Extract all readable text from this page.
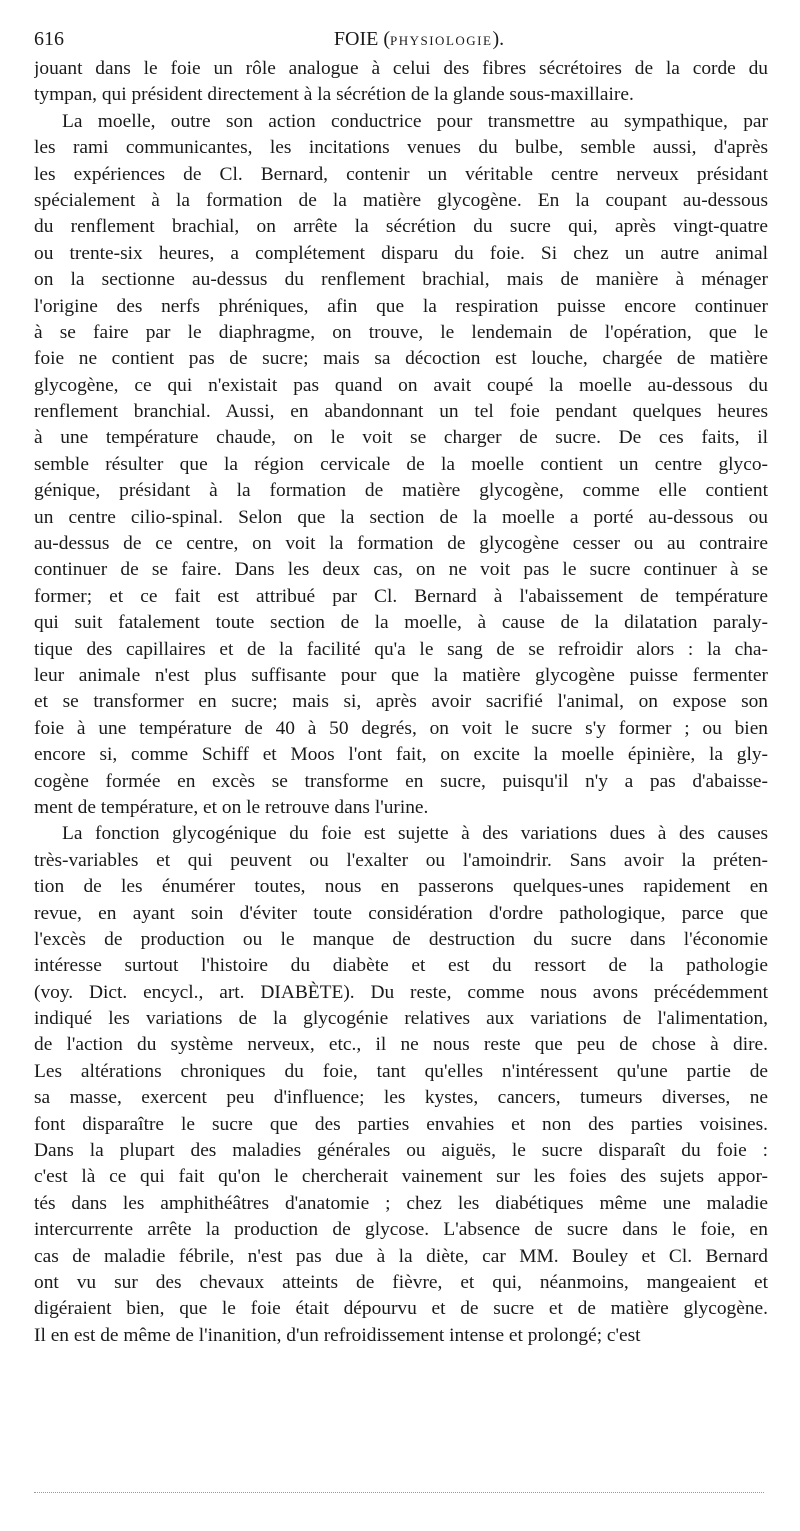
616	FOIE (PHYSIOLOGIE).
jouant dans le foie un rôle analogue à celui des fibres sécrétoires de la corde du
tympan, qui président directement à la sécrétion de la glande sous-maxillaire.
La moelle, outre son action conductrice pour transmettre au sympathique, par
les rami communicantes, les incitations venues du bulbe, semble aussi, d'après
les expériences de Cl. Bernard, contenir un véritable centre nerveux présidant
spécialement à la formation de la matière glycogène. En la coupant au-dessous
du renflement brachial, on arrête la sécrétion du sucre qui, après vingt-quatre
ou trente-six heures, a complétement disparu du foie. Si chez un autre animal
on la sectionne au-dessus du renflement brachial, mais de manière à ménager
l'origine des nerfs phréniques, afin que la respiration puisse encore continuer
à se faire par le diaphragme, on trouve, le lendemain de l'opération, que le
foie ne contient pas de sucre; mais sa décoction est louche, chargée de matière
glycogène, ce qui n'existait pas quand on avait coupé la moelle au-dessous du
renflement branchial. Aussi, en abandonnant un tel foie pendant quelques heures
à une température chaude, on le voit se charger de sucre. De ces faits, il
semble résulter que la région cervicale de la moelle contient un centre glyco-
génique, présidant à la formation de matière glycogène, comme elle contient
un centre cilio-spinal. Selon que la section de la moelle a porté au-dessous ou
au-dessus de ce centre, on voit la formation de glycogène cesser ou au contraire
continuer de se faire. Dans les deux cas, on ne voit pas le sucre continuer à se
former; et ce fait est attribué par Cl. Bernard à l'abaissement de température
qui suit fatalement toute section de la moelle, à cause de la dilatation paraly-
tique des capillaires et de la facilité qu'a le sang de se refroidir alors : la cha-
leur animale n'est plus suffisante pour que la matière glycogène puisse fermenter
et se transformer en sucre; mais si, après avoir sacrifié l'animal, on expose son
foie à une température de 40 à 50 degrés, on voit le sucre s'y former ; ou bien
encore si, comme Schiff et Moos l'ont fait, on excite la moelle épinière, la gly-
cogène formée en excès se transforme en sucre, puisqu'il n'y a pas d'abaisse-
ment de température, et on le retrouve dans l'urine.
La fonction glycogénique du foie est sujette à des variations dues à des causes
très-variables et qui peuvent ou l'exalter ou l'amoindrir. Sans avoir la préten-
tion de les énumérer toutes, nous en passerons quelques-unes rapidement en
revue, en ayant soin d'éviter toute considération d'ordre pathologique, parce que
l'excès de production ou le manque de destruction du sucre dans l'économie
intéresse surtout l'histoire du diabète et est du ressort de la pathologie
(voy. Dict. encycl., art. DIABÈTE). Du reste, comme nous avons précédemment
indiqué les variations de la glycogénie relatives aux variations de l'alimentation,
de l'action du système nerveux, etc., il ne nous reste que peu de chose à dire.
Les altérations chroniques du foie, tant qu'elles n'intéressent qu'une partie de
sa masse, exercent peu d'influence; les kystes, cancers, tumeurs diverses, ne
font disparaître le sucre que des parties envahies et non des parties voisines.
Dans la plupart des maladies générales ou aiguës, le sucre disparaît du foie :
c'est là ce qui fait qu'on le chercherait vainement sur les foies des sujets appor-
tés dans les amphithéâtres d'anatomie ; chez les diabétiques même une maladie
intercurrente arrête la production de glycose. L'absence de sucre dans le foie, en
cas de maladie fébrile, n'est pas due à la diète, car MM. Bouley et Cl. Bernard
ont vu sur des chevaux atteints de fièvre, et qui, néanmoins, mangeaient et
digéraient bien, que le foie était dépourvu et de sucre et de matière glycogène.
Il en est de même de l'inanition, d'un refroidissement intense et prolongé; c'est
